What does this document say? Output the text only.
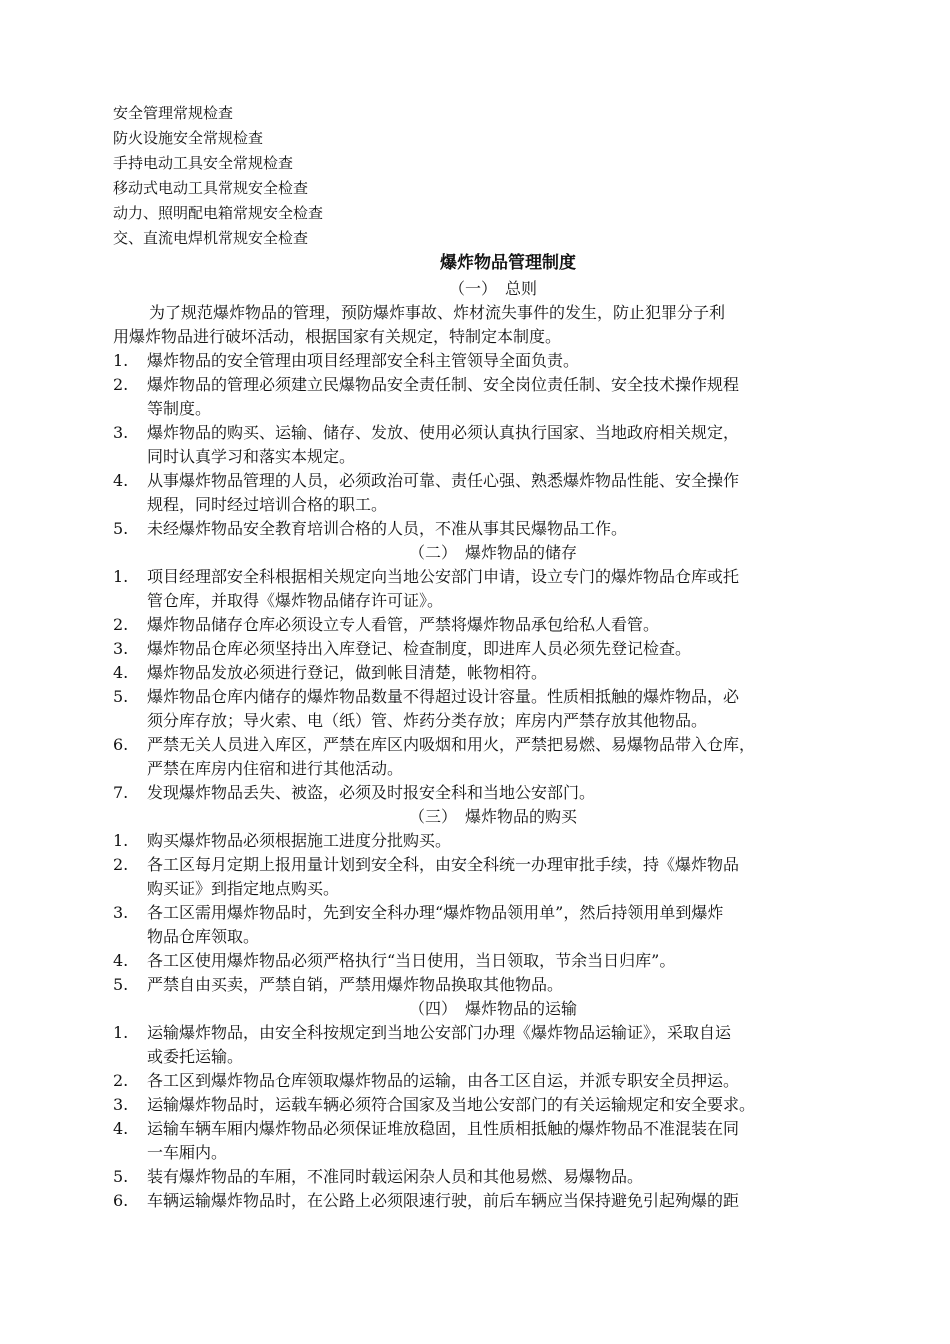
安全管理常规检查
防火设施安全常规检查
手持电动工具安全常规检查
移动式电动工具常规安全检查
动力、照明配电箱常规安全检查
交、直流电焊机常规安全检查
爆炸物品管理制度
（一）　总则
为了规范爆炸物品的管理，预防爆炸事故、炸材流失事件的发生，防止犯罪分子利
用爆炸物品进行破坏活动，根据国家有关规定，特制定本制度。
1. 爆炸物品的安全管理由项目经理部安全科主管领导全面负责。
2. 爆炸物品的管理必须建立民爆物品安全责任制、安全岗位责任制、安全技术操作规程
等制度。
3. 爆炸物品的购买、运输、储存、发放、使用必须认真执行国家、当地政府相关规定，
同时认真学习和落实本规定。
4. 从事爆炸物品管理的人员，必须政治可靠、责任心强、熟悉爆炸物品性能、安全操作
规程，同时经过培训合格的职工。
5. 未经爆炸物品安全教育培训合格的人员，不准从事其民爆物品工作。
（二）　爆炸物品的储存
1. 项目经理部安全科根据相关规定向当地公安部门申请，设立专门的爆炸物品仓库或托
管仓库，并取得《爆炸物品储存许可证》。
2. 爆炸物品储存仓库必须设立专人看管，严禁将爆炸物品承包给私人看管。
3. 爆炸物品仓库必须坚持出入库登记、检查制度，即进库人员必须先登记检查。
4. 爆炸物品发放必须进行登记，做到帐目清楚，帐物相符。
5. 爆炸物品仓库内储存的爆炸物品数量不得超过设计容量。性质相抵触的爆炸物品，必
须分库存放；导火索、电（纸）管、炸药分类存放；库房内严禁存放其他物品。
6. 严禁无关人员进入库区，严禁在库区内吸烟和用火，严禁把易燃、易爆物品带入仓库，
严禁在库房内住宿和进行其他活动。
7. 发现爆炸物品丢失、被盗，必须及时报安全科和当地公安部门。
（三）　爆炸物品的购买
1. 购买爆炸物品必须根据施工进度分批购买。
2. 各工区每月定期上报用量计划到安全科，由安全科统一办理审批手续，持《爆炸物品
购买证》到指定地点购买。
3. 各工区需用爆炸物品时，先到安全科办理“爆炸物品领用单”，然后持领用单到爆炸
物品仓库领取。
4. 各工区使用爆炸物品必须严格执行“当日使用，当日领取，节余当日归库”。
5. 严禁自由买卖，严禁自销，严禁用爆炸物品换取其他物品。
（四）　爆炸物品的运输
1. 运输爆炸物品，由安全科按规定到当地公安部门办理《爆炸物品运输证》，采取自运
或委托运输。
2. 各工区到爆炸物品仓库领取爆炸物品的运输，由各工区自运，并派专职安全员押运。
3. 运输爆炸物品时，运载车辆必须符合国家及当地公安部门的有关运输规定和安全要求。
4. 运输车辆车厢内爆炸物品必须保证堆放稳固，且性质相抵触的爆炸物品不准混装在同
一车厢内。
5. 装有爆炸物品的车厢，不准同时载运闲杂人员和其他易燃、易爆物品。
6. 车辆运输爆炸物品时，在公路上必须限速行驶，前后车辆应当保持避免引起殉爆的距
